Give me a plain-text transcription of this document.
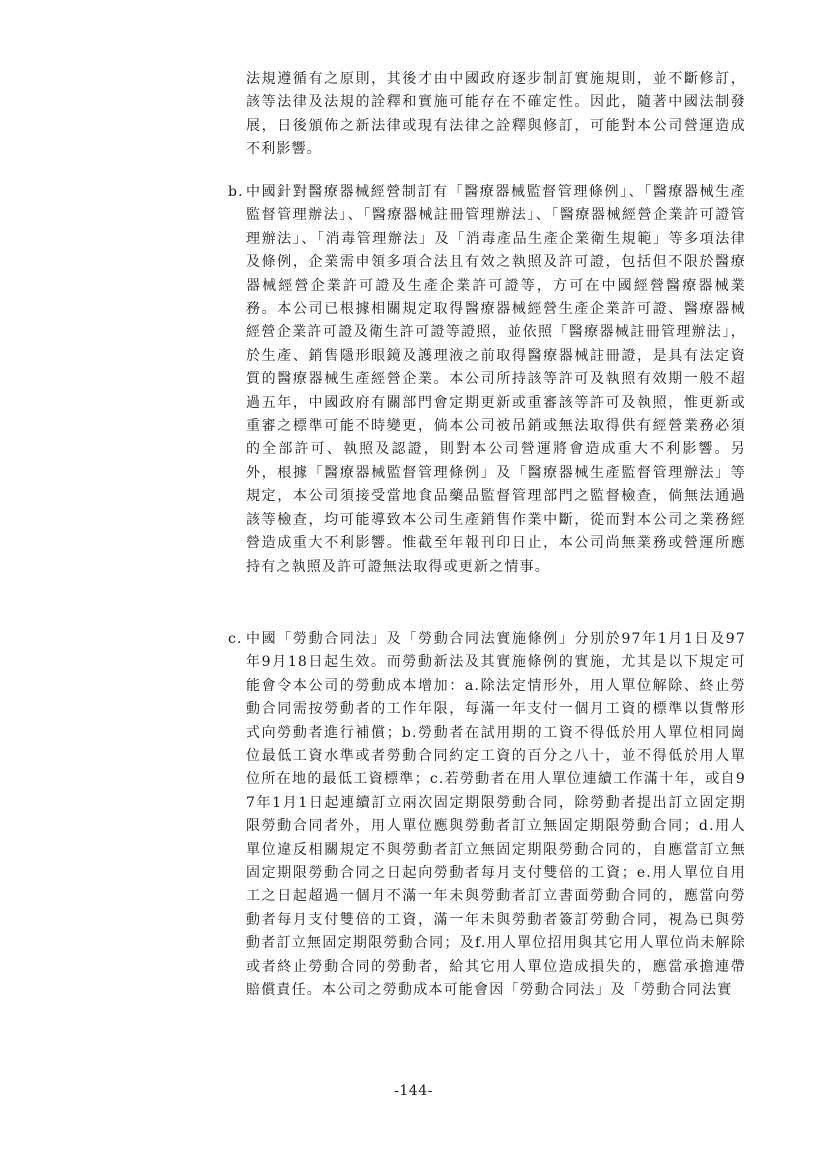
法規遵循有之原則，其後才由中國政府逐步制訂實施規則，並不斷修訂，該等法律及法規的詮釋和實施可能存在不確定性。因此，隨著中國法制發展，日後頒佈之新法律或現有法律之詮釋與修訂，可能對本公司營運造成不利影響。

b. 中國針對醫療器械經營制訂有「醫療器械監督管理條例」、「醫療器械生產監督管理辦法」、「醫療器械註冊管理辦法」、「醫療器械經營企業許可證管理辦法」、「消毒管理辦法」及「消毒產品生產企業衛生規範」等多項法律及條例，企業需申領多項合法且有效之執照及許可證，包括但不限於醫療器械經營企業許可證及生產企業許可證等，方可在中國經營醫療器械業務。本公司已根據相關規定取得醫療器械經營生產企業許可證、醫療器械經營企業許可證及衛生許可證等證照，並依照「醫療器械註冊管理辦法」，於生產、銷售隱形眼鏡及護理液之前取得醫療器械註冊證，是具有法定資質的醫療器械生產經營企業。本公司所持該等許可及執照有效期一般不超過五年，中國政府有關部門會定期更新或重審該等許可及執照，惟更新或重審之標準可能不時變更，倘本公司被吊銷或無法取得供有經營業務必須的全部許可、執照及認證，則對本公司營運將會造成重大不利影響。另外，根據「醫療器械監督管理條例」及「醫療器械生產監督管理辦法」等規定，本公司須接受當地食品藥品監督管理部門之監督檢查，倘無法通過該等檢查，均可能導致本公司生產銷售作業中斷，從而對本公司之業務經營造成重大不利影響。惟截至年報刊印日止，本公司尚無業務或營運所應持有之執照及許可證無法取得或更新之情事。
c. 中國「勞動合同法」及「勞動合同法實施條例」分別於97年1月1日及97年9月18日起生效。而勞動新法及其實施條例的實施，尤其是以下規定可能會令本公司的勞動成本增加：a.除法定情形外，用人單位解除、終止勞動合同需按勞動者的工作年限，每滿一年支付一個月工資的標準以貨幣形式向勞動者進行補償；b.勞動者在試用期的工資不得低於用人單位相同崗位最低工資水準或者勞動合同約定工資的百分之八十，並不得低於用人單位所在地的最低工資標準；c.若勞動者在用人單位連續工作滿十年，或自97年1月1日起連續訂立兩次固定期限勞動合同，除勞動者提出訂立固定期限勞動合同者外，用人單位應與勞動者訂立無固定期限勞動合同；d.用人單位違反相關規定不與勞動者訂立無固定期限勞動合同的，自應當訂立無固定期限勞動合同之日起向勞動者每月支付雙倍的工資；e.用人單位自用工之日起超過一個月不滿一年未與勞動者訂立書面勞動合同的，應當向勞動者每月支付雙倍的工資，滿一年未與勞動者簽訂勞動合同，視為已與勞動者訂立無固定期限勞動合同；及f.用人單位招用與其它用人單位尚未解除或者終止勞動合同的勞動者，給其它用人單位造成損失的，應當承擔連帶賠償責任。本公司之勞動成本可能會因「勞動合同法」及「勞動合同法實
-144-
